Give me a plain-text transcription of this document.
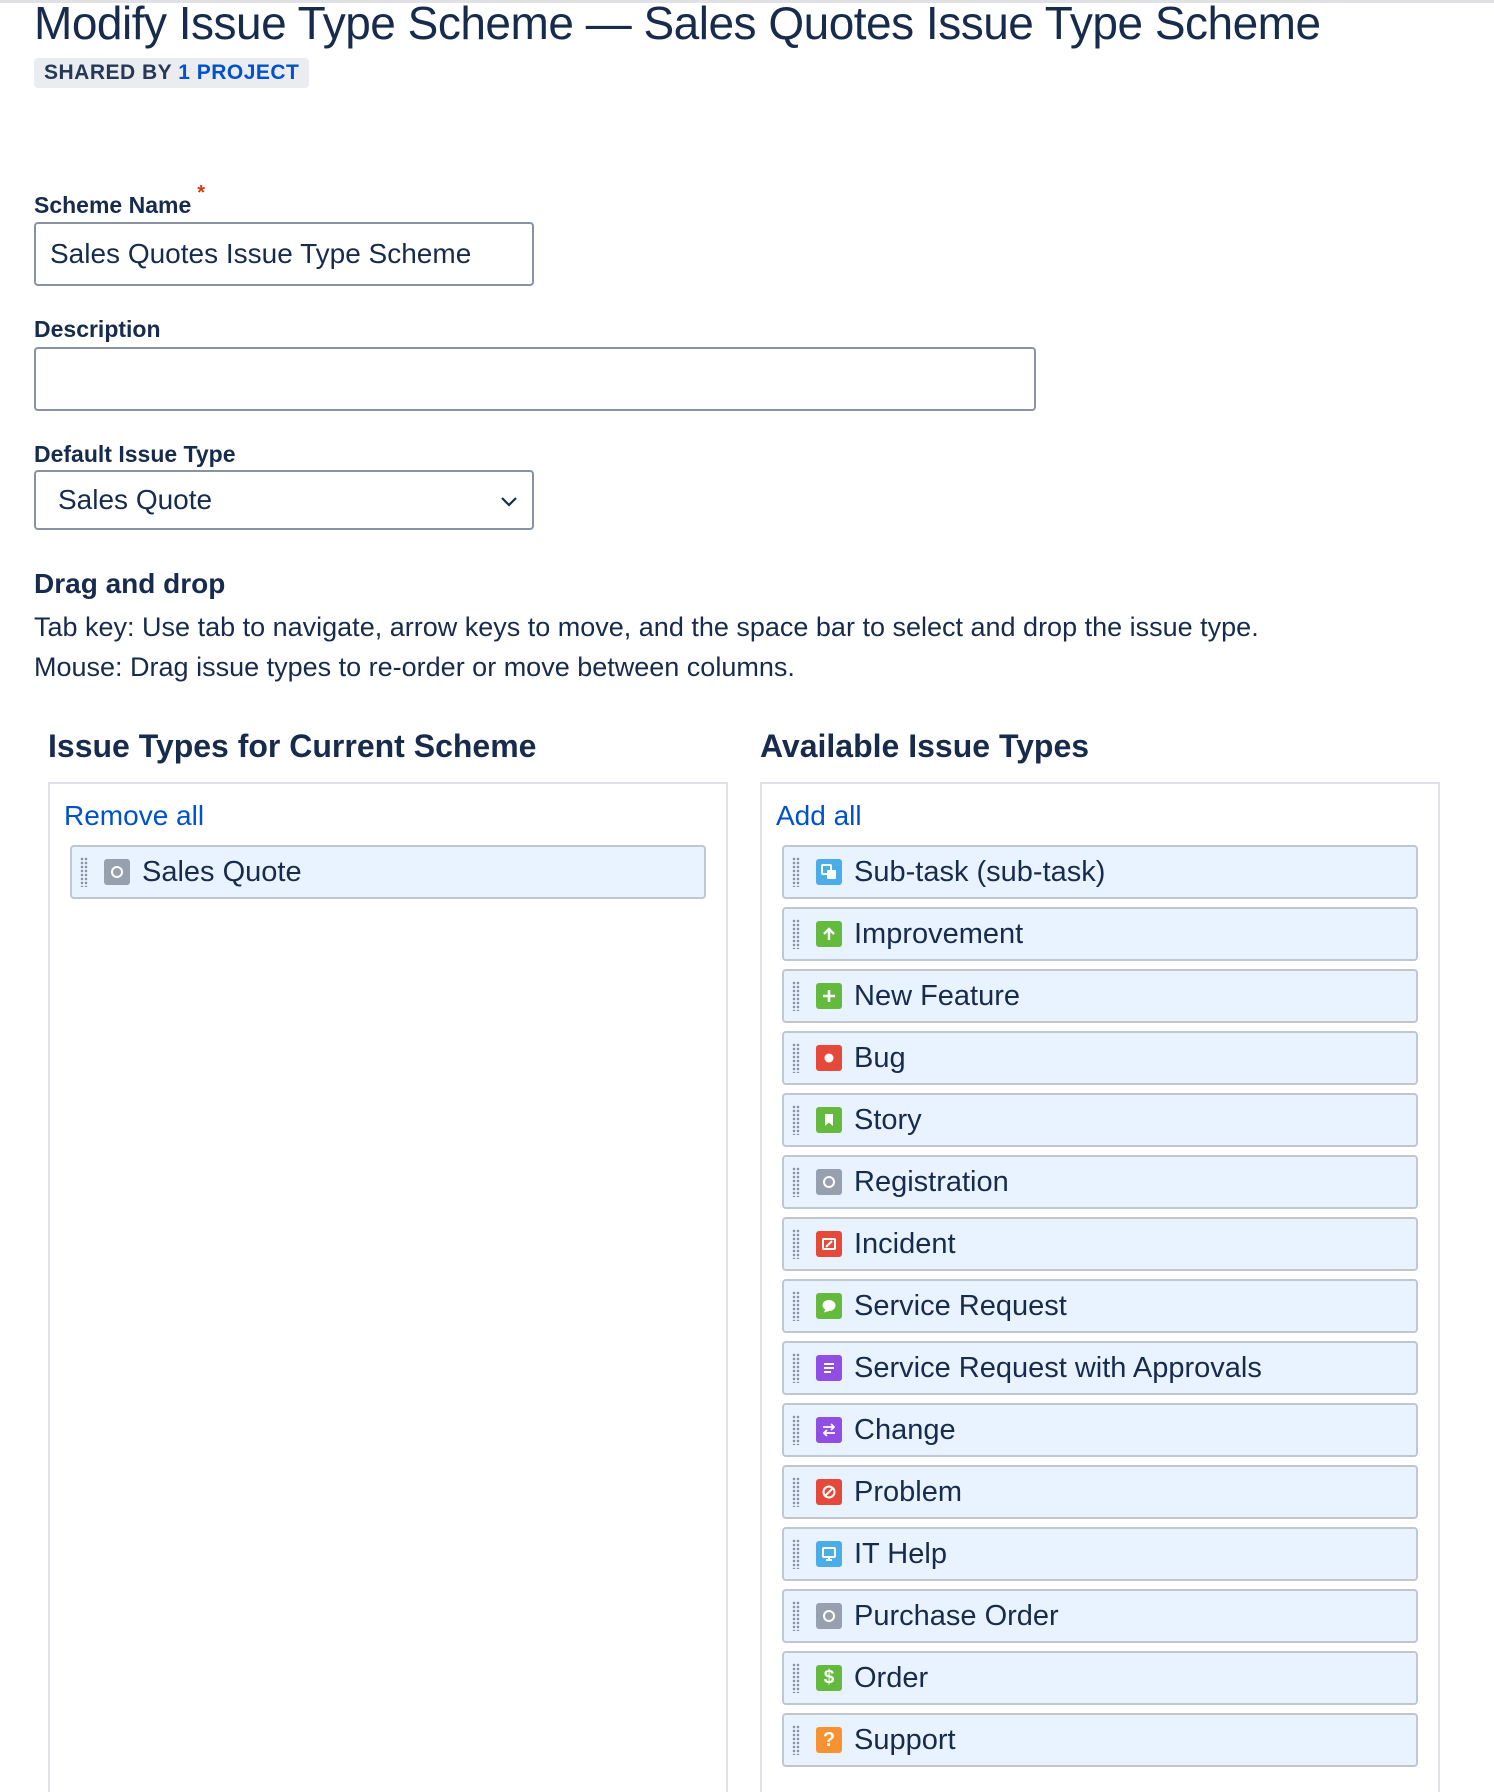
Modify Issue Type Scheme — Sales Quotes Issue Type Scheme
SHARED BY 1 PROJECT
Scheme Name *
Sales Quotes Issue Type Scheme
Description
Default Issue Type
Sales Quote
Drag and drop
Tab key: Use tab to navigate, arrow keys to move, and the space bar to select and drop the issue type.
Mouse: Drag issue types to re-order or move between columns.
Issue Types for Current Scheme	Available Issue Types
Remove all
Sales Quote
Add all
Sub-task (sub-task)
Improvement
New Feature
Bug
Story
Registration
Incident
Service Request
Service Request with Approvals
Change
Problem
IT Help
Purchase Order
$ Order
? Support
